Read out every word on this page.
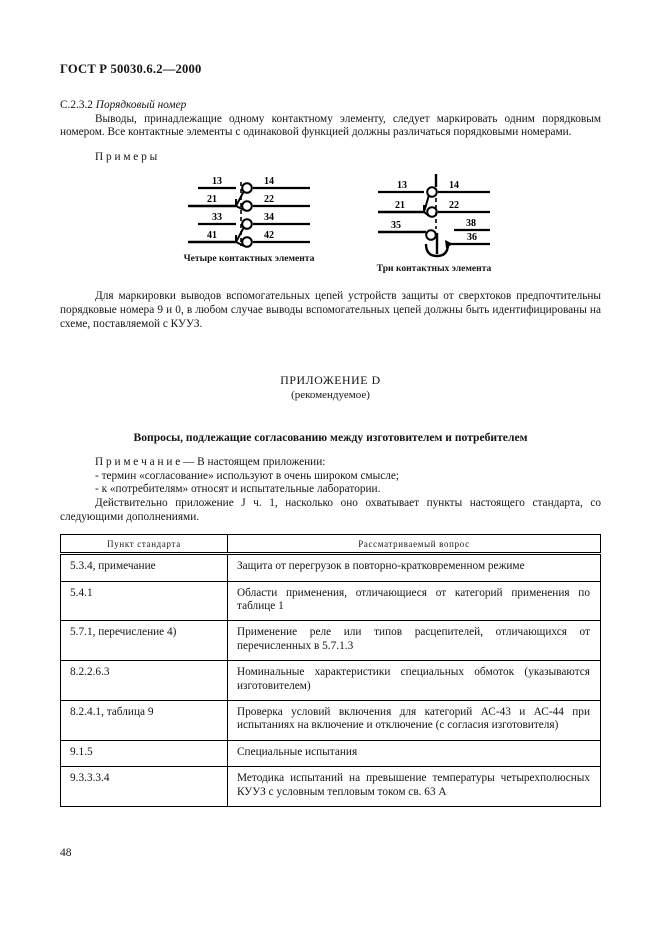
ГОСТ Р 50030.6.2—2000

С.2.3.2 Порядковый номер

Выводы, принадлежащие одному контактному элементу, следует маркировать одним порядковым номером. Все контактные элементы с одинаковой функцией должны различаться порядковыми номерами.

П р и м е р ы

13	14
21	22
33	34
41	42
Четыре контактных элемента
13	14
21	22
35	38
36
Три контактных элемента

Для маркировки выводов вспомогательных цепей устройств защиты от сверхтоков предпочтительны порядковые номера 9 и 0, в любом случае выводы вспомогательных цепей должны быть идентифицированы на схеме, поставляемой с КУУЗ.

ПРИЛОЖЕНИЕ D
(рекомендуемое)
Вопросы, подлежащие согласованию между изготовителем и потребителем

П р и м е ч а н и е — В настоящем приложении:

- термин «согласование» используют в очень широком смысле;

- к «потребителям» относят и испытательные лаборатории.

Действительно приложение J ч. 1, насколько оно охватывает пункты настоящего стандарта, со следующими дополнениями.

Пункт стандарта	Рассматриваемый вопрос
5.3.4, примечание	Защита от перегрузок в повторно-кратковременном режиме
5.4.1	Области применения, отличающиеся от категорий применения по таблице 1
5.7.1, перечисление 4)	Применение реле или типов расцепителей, отличающихся от перечисленных в 5.7.1.3
8.2.2.6.3	Номинальные характеристики специальных обмоток (указываются изготовителем)
8.2.4.1, таблица 9	Проверка условий включения для категорий АС-43 и АС-44 при испытаниях на включение и отключение (с согласия изготовителя)
9.1.5	Специальные испытания
9.3.3.3.4	Методика испытаний на превышение температуры четырехполюсных КУУЗ с условным тепловым током св. 63 А
48
